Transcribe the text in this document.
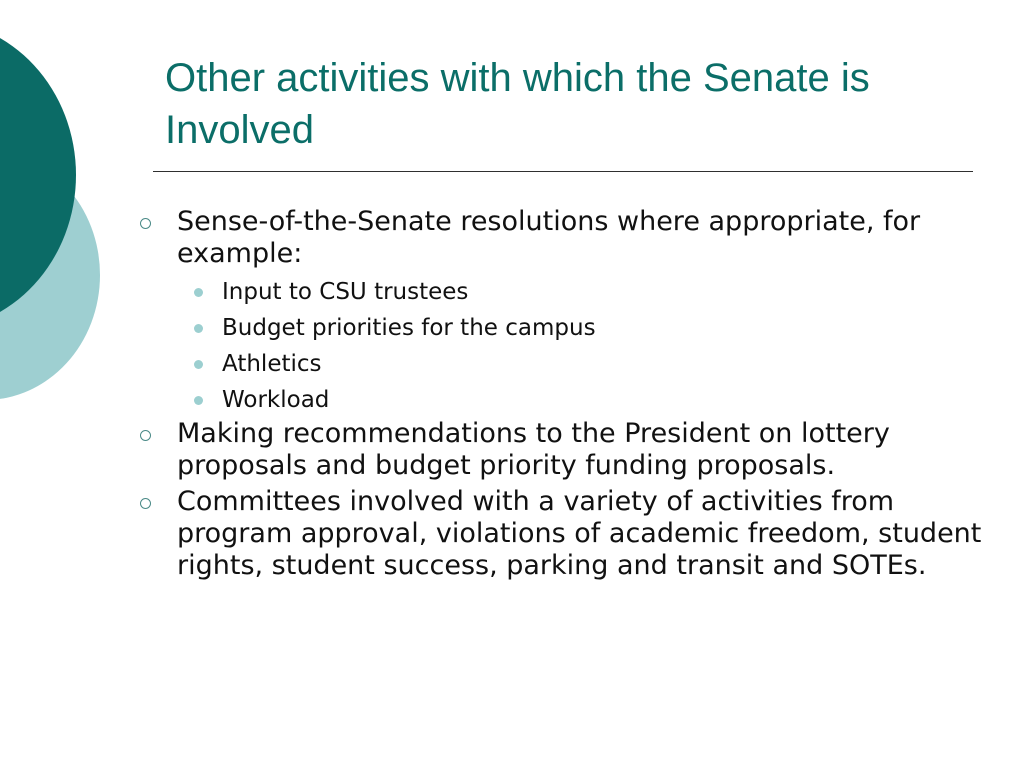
Other activities with which the Senate is Involved
Sense-of-the-Senate resolutions where appropriate, for example:
Input to CSU trustees
Budget priorities for the campus
Athletics
Workload
Making recommendations to the President on lottery proposals and budget priority funding proposals.
Committees involved with a variety of activities from program approval, violations of academic freedom, student rights, student success, parking and transit and SOTEs.
